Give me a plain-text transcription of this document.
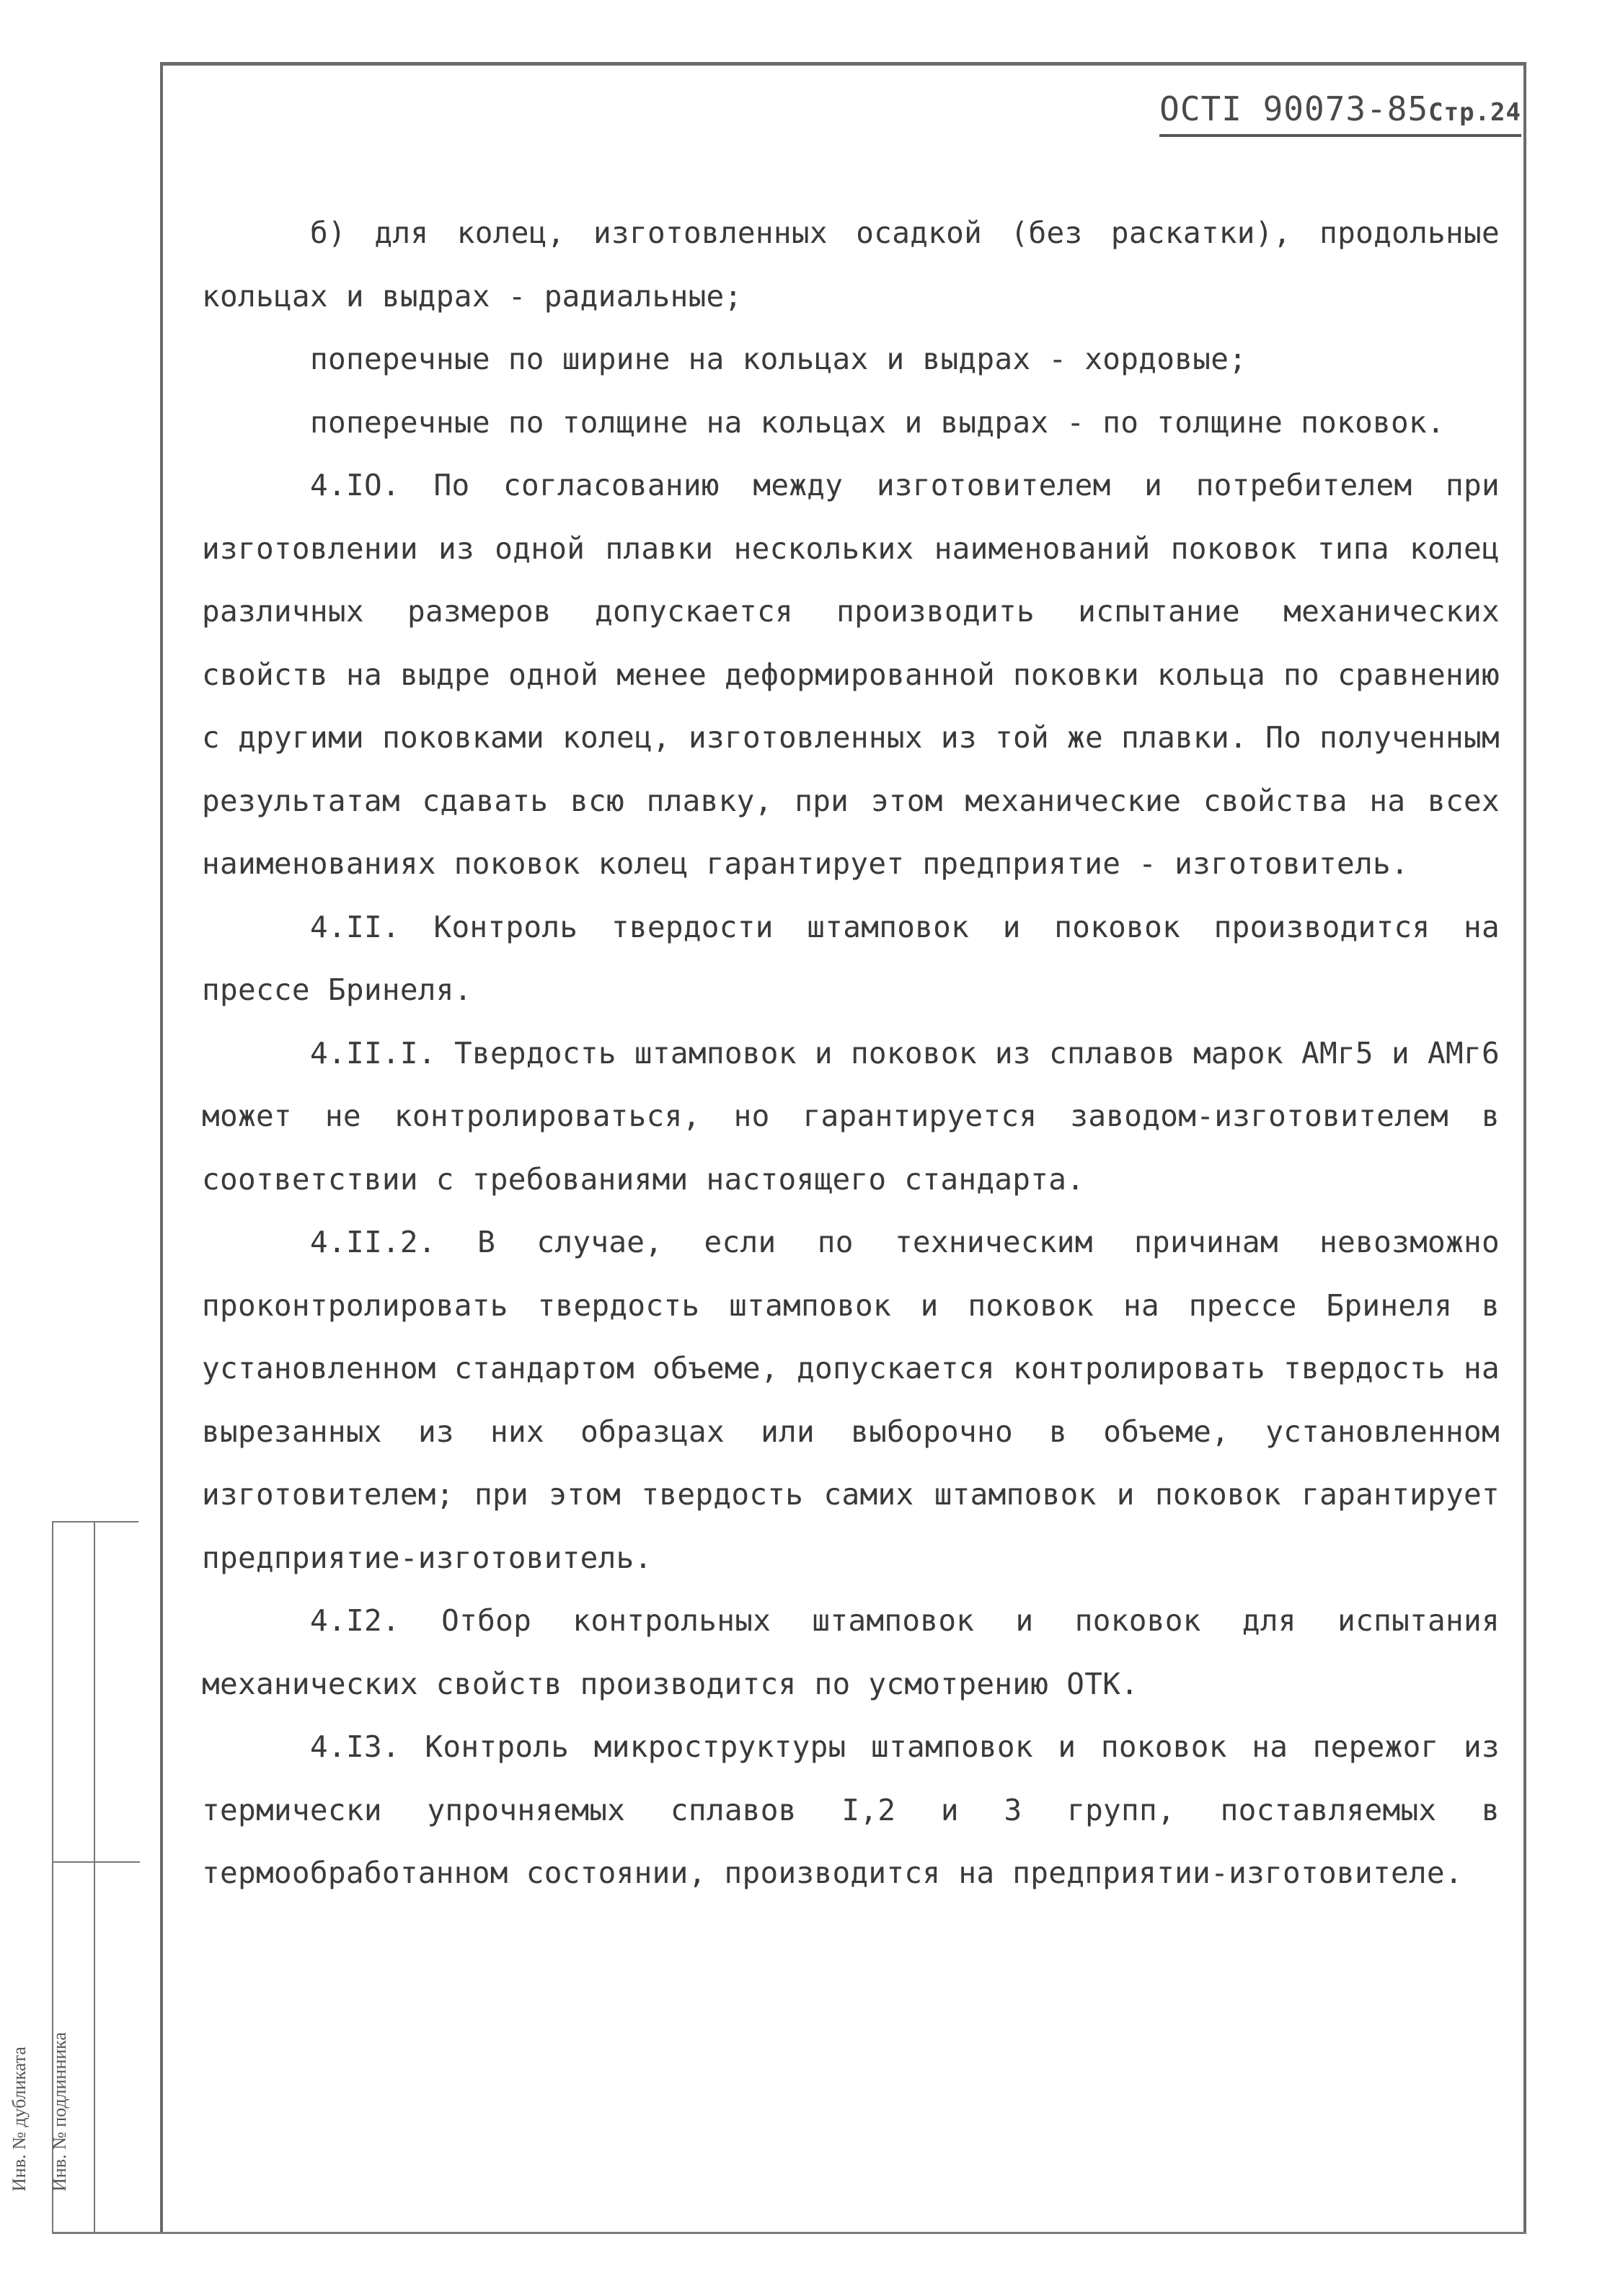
ОСТI 90073-85Стр.24

б) для колец, изготовленных осадкой (без раскатки), продольные кольцах и выдрах - радиальные;

поперечные по ширине на кольцах и выдрах - хордовые;

поперечные по толщине на кольцах и выдрах - по толщине поковок.

4.IO. По согласованию между изготовителем и потребителем при изготовлении из одной плавки нескольких наименований поковок типа колец различных размеров допускается производить испытание механических свойств на выдре одной менее деформированной поковки кольца по сравнению с другими поковками колец, изготовленных из той же плавки. По полученным результатам сдавать всю плавку, при этом механические свойства на всех наименованиях поковок колец гарантирует предприятие - изготовитель.

4.II. Контроль твердости штамповок и поковок производится на прессе Бринеля.

4.II.I. Твердость штамповок и поковок из сплавов марок АМг5 и АМг6 может не контролироваться, но гарантируется заводом-изготовителем в соответствии с требованиями настоящего стандарта.

4.II.2. В случае, если по техническим причинам невозможно проконтролировать твердость штамповок и поковок на прессе Бринеля в установленном стандартом объеме, допускается контролировать твердость на вырезанных из них образцах или выборочно в объеме, установленном изготовителем; при этом твердость самих штамповок и поковок гарантирует предприятие-изготовитель.

4.I2. Отбор контрольных штамповок и поковок для испытания механических свойств производится по усмотрению ОТК.

4.I3. Контроль микроструктуры штамповок и поковок на пережог из термически упрочняемых сплавов I,2 и 3 групп, поставляемых в термообработанном состоянии, производится на предприятии-изготовителе.

Инв. № дубликата Инв. № подлинника
